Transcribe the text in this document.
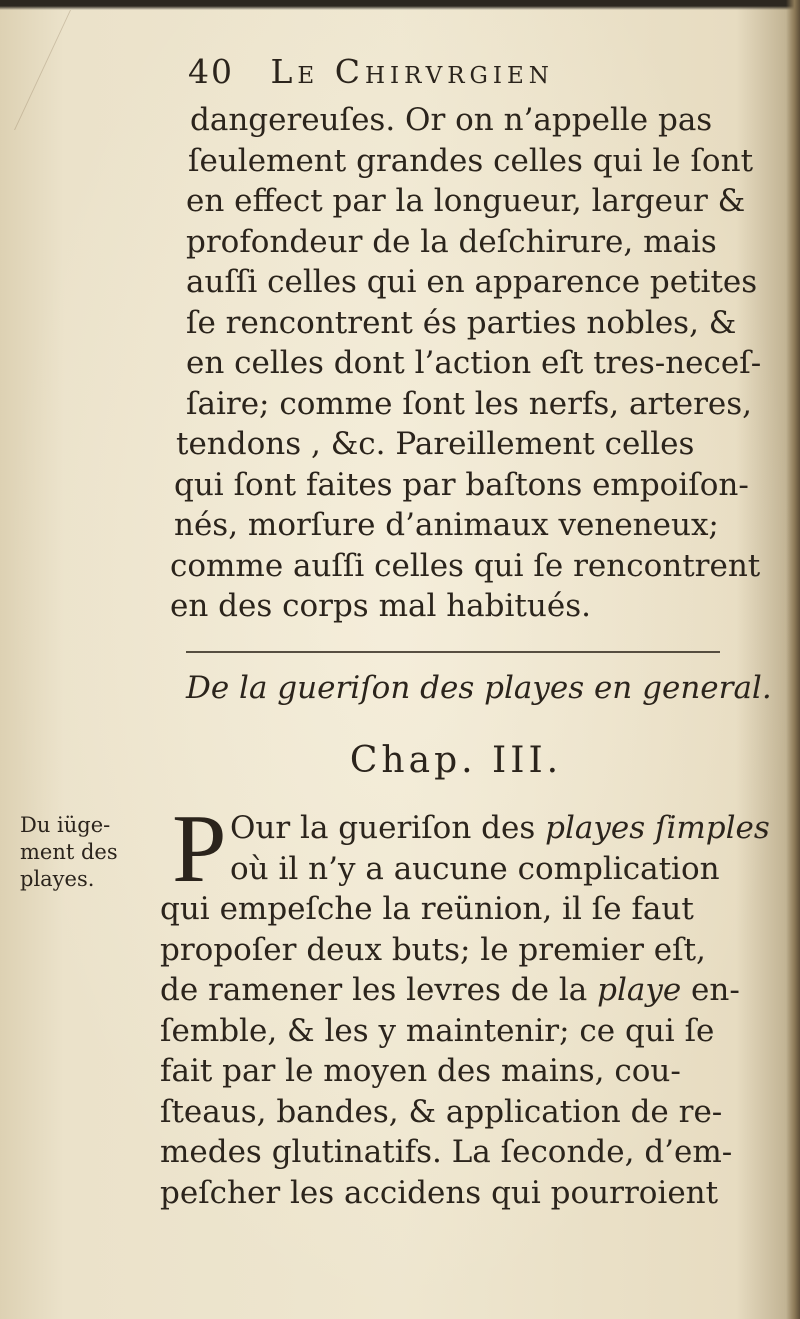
40 Le Chirvrgien
dangereuſes. Or on n’appelle pas
ſeulement grandes celles qui le ſont
en effect par la longueur, largeur &
profondeur de la deſchirure, mais
auſſi celles qui en apparence petites
ſe rencontrent és parties nobles, &
en celles dont l’action eſt tres-neceſ-
ſaire; comme ſont les nerfs, arteres,
tendons , &c. Pareillement celles
qui ſont faites par baſtons empoiſon-
nés, morſure d’animaux veneneux;
comme auſſi celles qui ſe rencontrent
en des corps mal habitués.
De la gueriſon des playes en general.
Chap. III.
Du iüge-
ment des
playes. P Our la gueriſon des playes ſimples
où il n’y a aucune complication
qui empeſche la reünion, il ſe faut
propoſer deux buts; le premier eſt,
de ramener les levres de la playe en-
ſemble, & les y maintenir; ce qui ſe
fait par le moyen des mains, cou-
ſteaus, bandes, & application de re-
medes glutinatifs. La ſeconde, d’em-
peſcher les accidens qui pourroient
